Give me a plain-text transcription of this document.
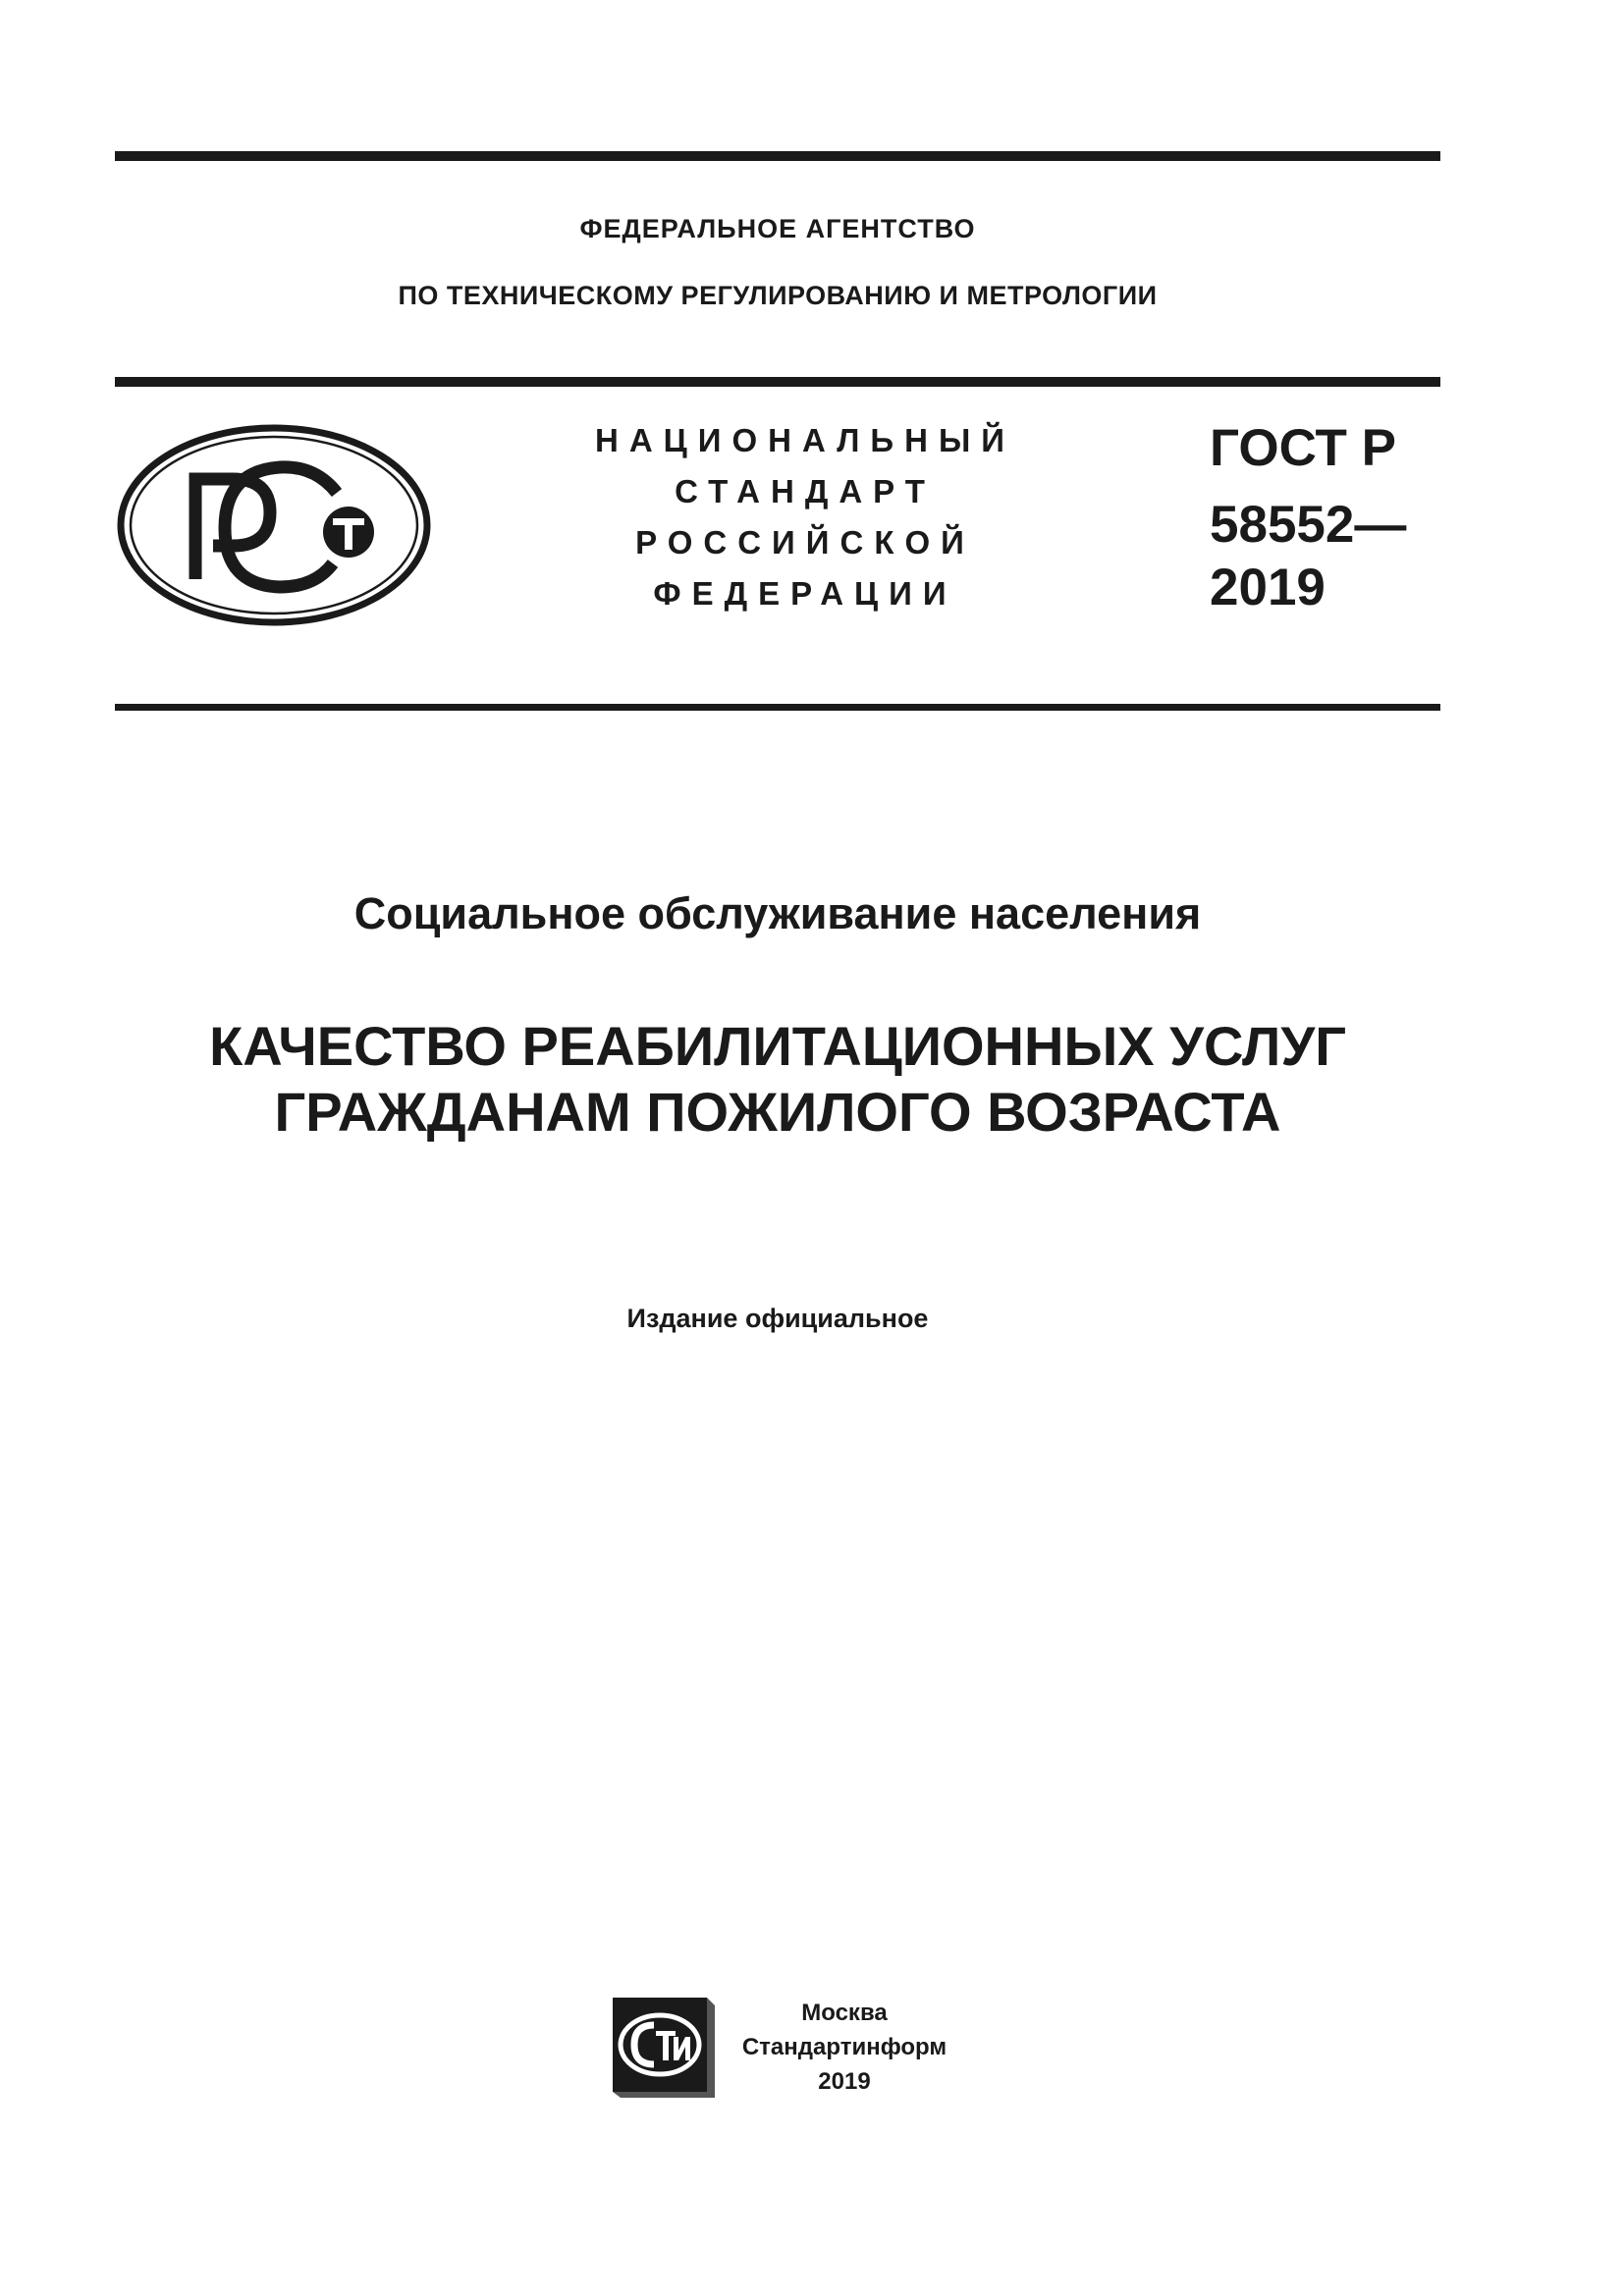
ФЕДЕРАЛЬНОЕ АГЕНТСТВО
ПО ТЕХНИЧЕСКОМУ РЕГУЛИРОВАНИЮ И МЕТРОЛОГИИ
НАЦИОНАЛЬНЫЙ
СТАНДАРТ
РОССИЙСКОЙ
ФЕДЕРАЦИИ
ГОСТ Р
58552—
2019
Социальное обслуживание населения
КАЧЕСТВО РЕАБИЛИТАЦИОННЫХ УСЛУГ
ГРАЖДАНАМ ПОЖИЛОГО ВОЗРАСТА
Издание официальное
Москва
Стандартинформ
2019
